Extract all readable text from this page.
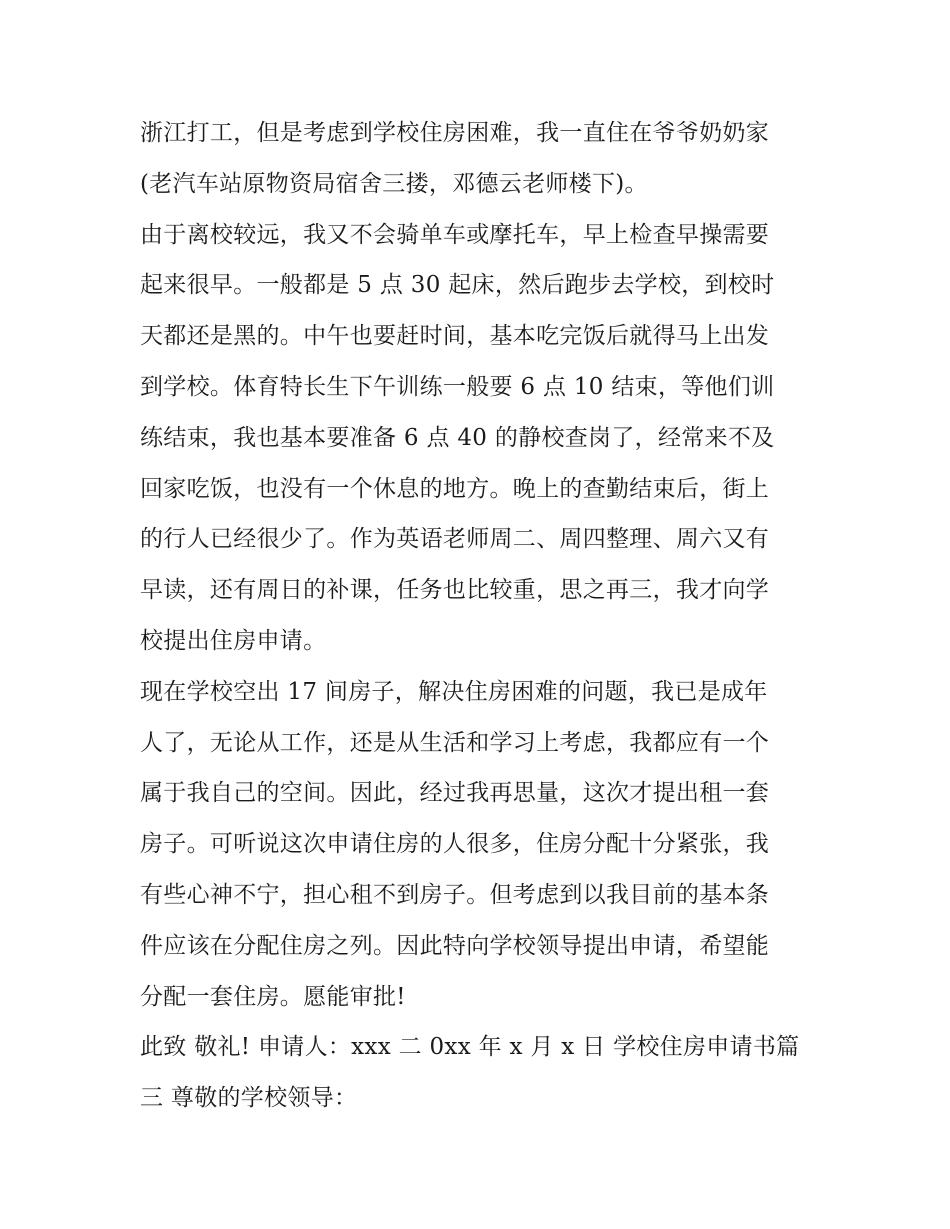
浙江打工，但是考虑到学校住房困难，我一直住在爷爷奶奶家
(老汽车站原物资局宿舍三搂，邓德云老师楼下)。
由于离校较远，我又不会骑单车或摩托车，早上检查早操需要
起来很早。一般都是 5 点 30 起床，然后跑步去学校，到校时
天都还是黑的。中午也要赶时间，基本吃完饭后就得马上出发
到学校。体育特长生下午训练一般要 6 点 10 结束，等他们训
练结束，我也基本要准备 6 点 40 的静校查岗了，经常来不及
回家吃饭，也没有一个休息的地方。晚上的查勤结束后，街上
的行人已经很少了。作为英语老师周二、周四整理、周六又有
早读，还有周日的补课，任务也比较重，思之再三，我才向学
校提出住房申请。
现在学校空出 17 间房子，解决住房困难的问题，我已是成年
人了，无论从工作，还是从生活和学习上考虑，我都应有一个
属于我自己的空间。因此，经过我再思量，这次才提出租一套
房子。可听说这次申请住房的人很多，住房分配十分紧张，我
有些心神不宁，担心租不到房子。但考虑到以我目前的基本条
件应该在分配住房之列。因此特向学校领导提出申请，希望能
分配一套住房。愿能审批!
此致 敬礼! 申请人：xxx 二 0xx 年 x 月 x 日 学校住房申请书篇
三 尊敬的学校领导：
